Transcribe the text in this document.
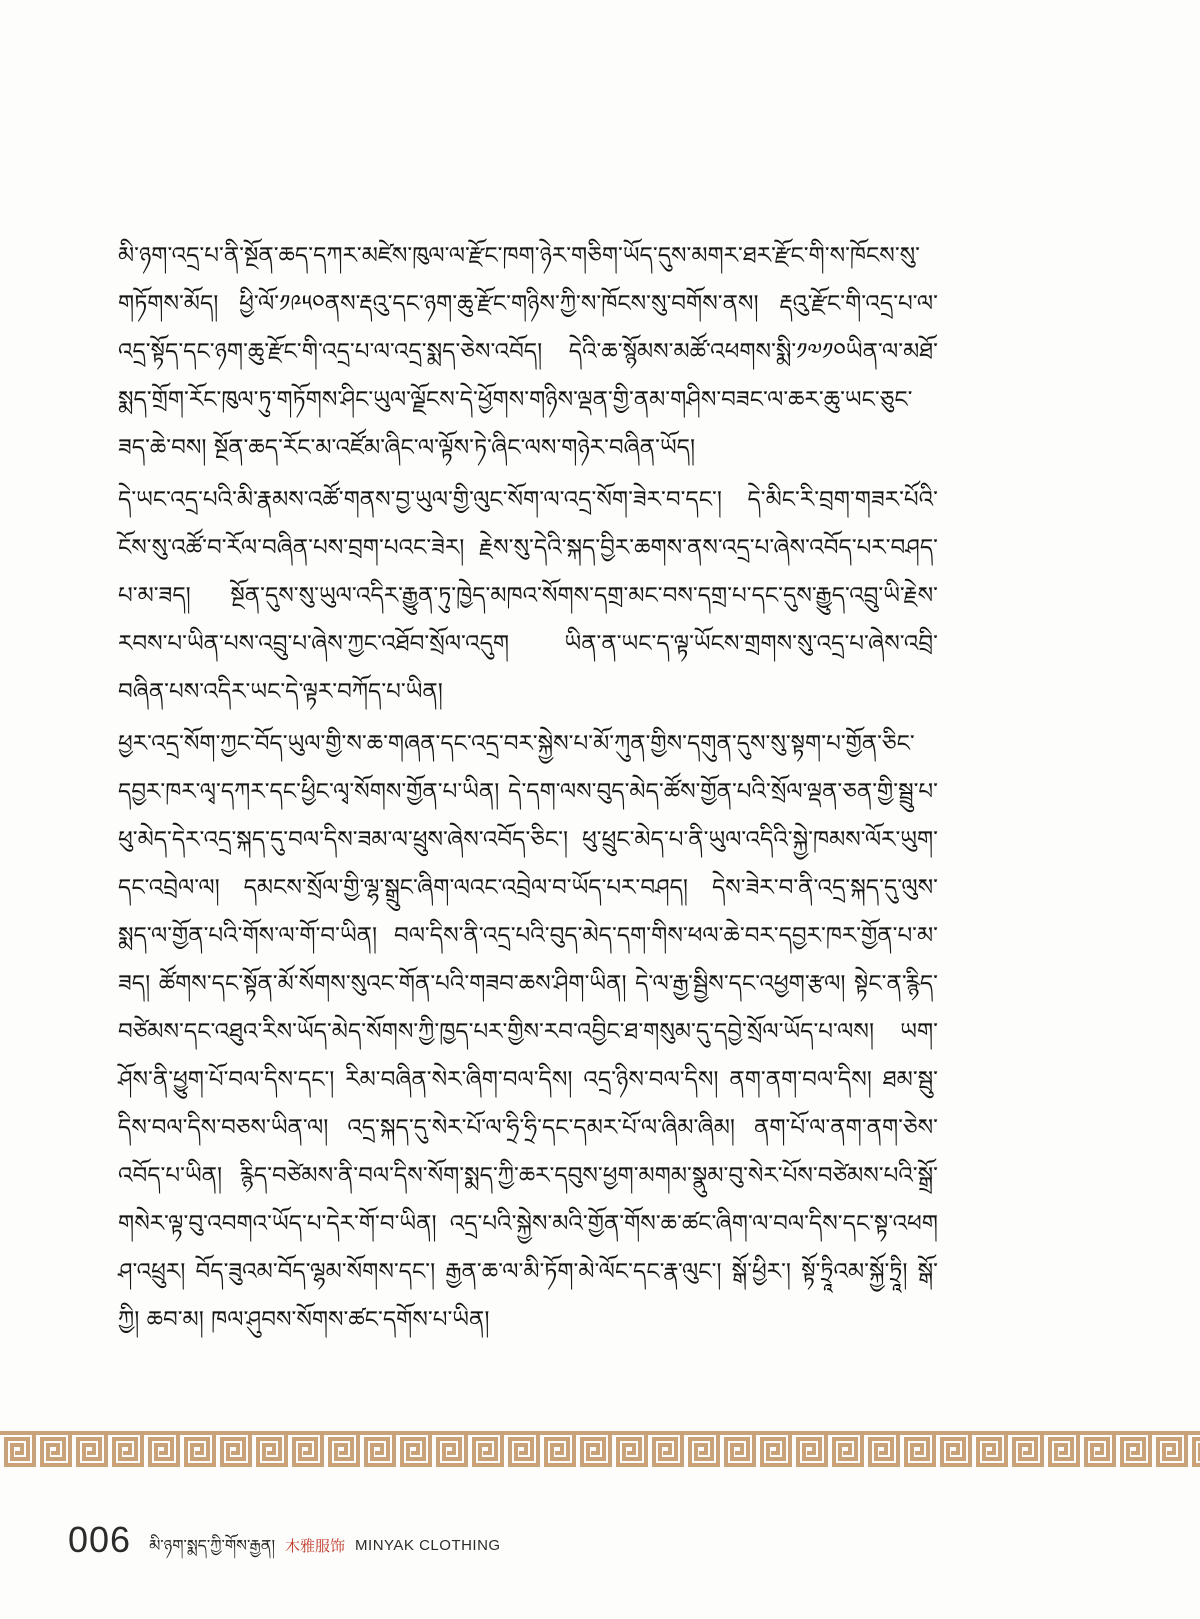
མི་ཉག་འདྲ་པ་ནི་སྔོན་ཆད་དཀར་མཛེས་ཁུལ་ལ་རྫོང་ཁག་ཉེར་གཅིག་ཡོད་དུས་མགར་ཐར་རྫོང་གི་ས་ཁོངས་སུ་གཏོགས་མོད། ཕྱི་ལོ་༡༩༥༠ནས་རྡའུ་དང་ཉག་ཆུ་རྫོང་གཉིས་ཀྱི་ས་ཁོངས་སུ་བགོས་ནས། རྡའུ་རྫོང་གི་འདྲ་པ་ལ་འདྲ་སྟོད་དང་ཉག་ཆུ་རྫོང་གི་འདྲ་པ་ལ་འདྲ་སྨད་ཅེས་འབོད། དེའི་ཆ་སྙོམས་མཚོ་འཕགས་སྨི་༡༧༡༠ཡིན་ལ་མཐོ་སྨད་གྲོག་རོང་ཁུལ་ཏུ་གཏོགས་ཤིང་ཡུལ་ལྗོངས་དེ་ཕྱོགས་གཉིས་ལྡན་གྱི་ནམ་གཤིས་བཟང་ལ་ཆར་ཆུ་ཡང་ཅུང་ཟད་ཆེ་བས། སྔོན་ཆད་རོང་མ་འཛོམ་ཞིང་ལ་ལྟོས་ཏེ་ཞིང་ལས་གཉེར་བཞིན་ཡོད།

དེ་ཡང་འདྲ་པའི་མི་རྣམས་འཚོ་གནས་བྱ་ཡུལ་གྱི་ལུང་སོག་ལ་འདྲ་སོག་ཟེར་བ་དང་། དེ་མིང་རི་བྲག་གཟར་པོའི་ངོས་སུ་འཚོ་བ་རོལ་བཞིན་པས་བྲག་པའང་ཟེར། རྗེས་སུ་དེའི་སྐད་བྱིར་ཆགས་ནས་འདྲ་པ་ཞེས་འབོད་པར་བཤད་པ་མ་ཟད། སྔོན་དུས་སུ་ཡུལ་འདིར་རྒྱུན་ཏུ་ཁྱེད་མཁའ་སོགས་དགྲ་མང་བས་དགྲ་པ་དང་དུས་རྒྱུད་འབྲུ་ཡི་རྗེས་རབས་པ་ཡིན་པས་འབྲུ་པ་ཞེས་ཀྱང་འཐོབ་སྲོལ་འདུག ཡིན་ན་ཡང་ད་ལྟ་ཡོངས་གྲགས་སུ་འདྲ་པ་ཞེས་འབྲི་བཞིན་པས་འདིར་ཡང་དེ་ལྟར་བཀོད་པ་ཡིན།

ཕྱར་འདྲ་སོག་ཀྱང་བོད་ཡུལ་གྱི་ས་ཆ་གཞན་དང་འདྲ་བར་སྐྱེས་པ་མོ་ཀུན་གྱིས་དགུན་དུས་སུ་སྟག་པ་གྱོན་ཅིང་དབྱར་ཁར་ལྭ་དཀར་དང་ཕྱིང་ལྭ་སོགས་གྱོན་པ་ཡིན། དེ་དག་ལས་བུད་མེད་ཚོས་གྱོན་པའི་སྲོལ་ལྡན་ཅན་གྱི་སྦྲུ་པ་ཕུ་མེད་དེར་འདྲ་སྐད་དུ་བལ་དིས་ཟམ་ལ་ཕྲུས་ཞེས་འབོད་ཅིང་། ཕུ་ཕྲུང་མེད་པ་ནི་ཡུལ་འདིའི་སྐྱེ་ཁམས་ལོར་ཡུག་དང་འབྲེལ་ལ། དམངས་སྲོལ་གྱི་ལྷ་སྒྲུང་ཞིག་ལའང་འབྲེལ་བ་ཡོད་པར་བཤད། དེས་ཟེར་བ་ནི་འདྲ་སྐད་དུ་ལུས་སྨད་ལ་གྱོན་པའི་གོས་ལ་གོ་བ་ཡིན། བལ་དིས་ནི་འདྲ་པའི་བུད་མེད་དག་གིས་ཕལ་ཆེ་བར་དབྱར་ཁར་གྱོན་པ་མ་ཟད། ཚོགས་དང་སྟོན་མོ་སོགས་སུའང་གོན་པའི་གཟབ་ཆས་ཤིག་ཡིན། དེ་ལ་རྒྱ་སྦྱིས་དང་འཕྱག་རྩལ། སྟེང་ན་རྙིད་བཙེམས་དང་འཐུའ་རིས་ཡོད་མེད་སོགས་ཀྱི་ཁྱད་པར་གྱིས་རབ་འབྱིང་ཐ་གསུམ་དུ་དབྱེ་སྲོལ་ཡོད་པ་ལས། ཡག་ཤོས་ནི་ཕྱུག་པོ་བལ་དིས་དང་། རིམ་བཞིན་སེར་ཞིག་བལ་དིས། འདྲ་ཉིས་བལ་དིས། ནག་ནག་བལ་དིས། ཐམ་སྦུ་དིས་བལ་དིས་བཅས་ཡིན་ལ། འདྲ་སྐད་དུ་སེར་པོ་ལ་ཧྲི་ཧྲི་དང་དམར་པོ་ལ་ཞིམ་ཞིམ། ནག་པོ་ལ་ནག་ནག་ཅེས་འབོད་པ་ཡིན། རྙིད་བཙེམས་ནི་བལ་དིས་སོག་སྨད་ཀྱི་ཆར་དབུས་ཕྱག་མགམ་སྣུམ་བུ་སེར་པོས་བཙེམས་པའི་སྒྲོ་གསེར་ལྟ་བུ་འབགའ་ཡོད་པ་དེར་གོ་བ་ཡིན། འདྲ་པའི་སྐྱེས་མའི་གྱོན་གོས་ཆ་ཚང་ཞིག་ལ་བལ་དིས་དང་སྟ་འཕག ཤ་འཕྲུར། བོད་ཟུའམ་བོད་ལྷམ་སོགས་དང་། རྒྱན་ཆ་ལ་མི་ཏོག་མེ་ལོང་དང་རྣ་ལུང་། སྒོ་ཕྱིར་། སྟོ་ཏྲཱིའམ་སྐྱོ་ཏྲཱི། སྒོ་ཀྱི། ཆབ་མ། ཁལ་ཤུབས་སོགས་ཚང་དགོས་པ་ཡིན།

006 མི་ཉག་སྨད་ཀྱི་གོས་རྒྱན། 木雅服饰 MINYAK CLOTHING
